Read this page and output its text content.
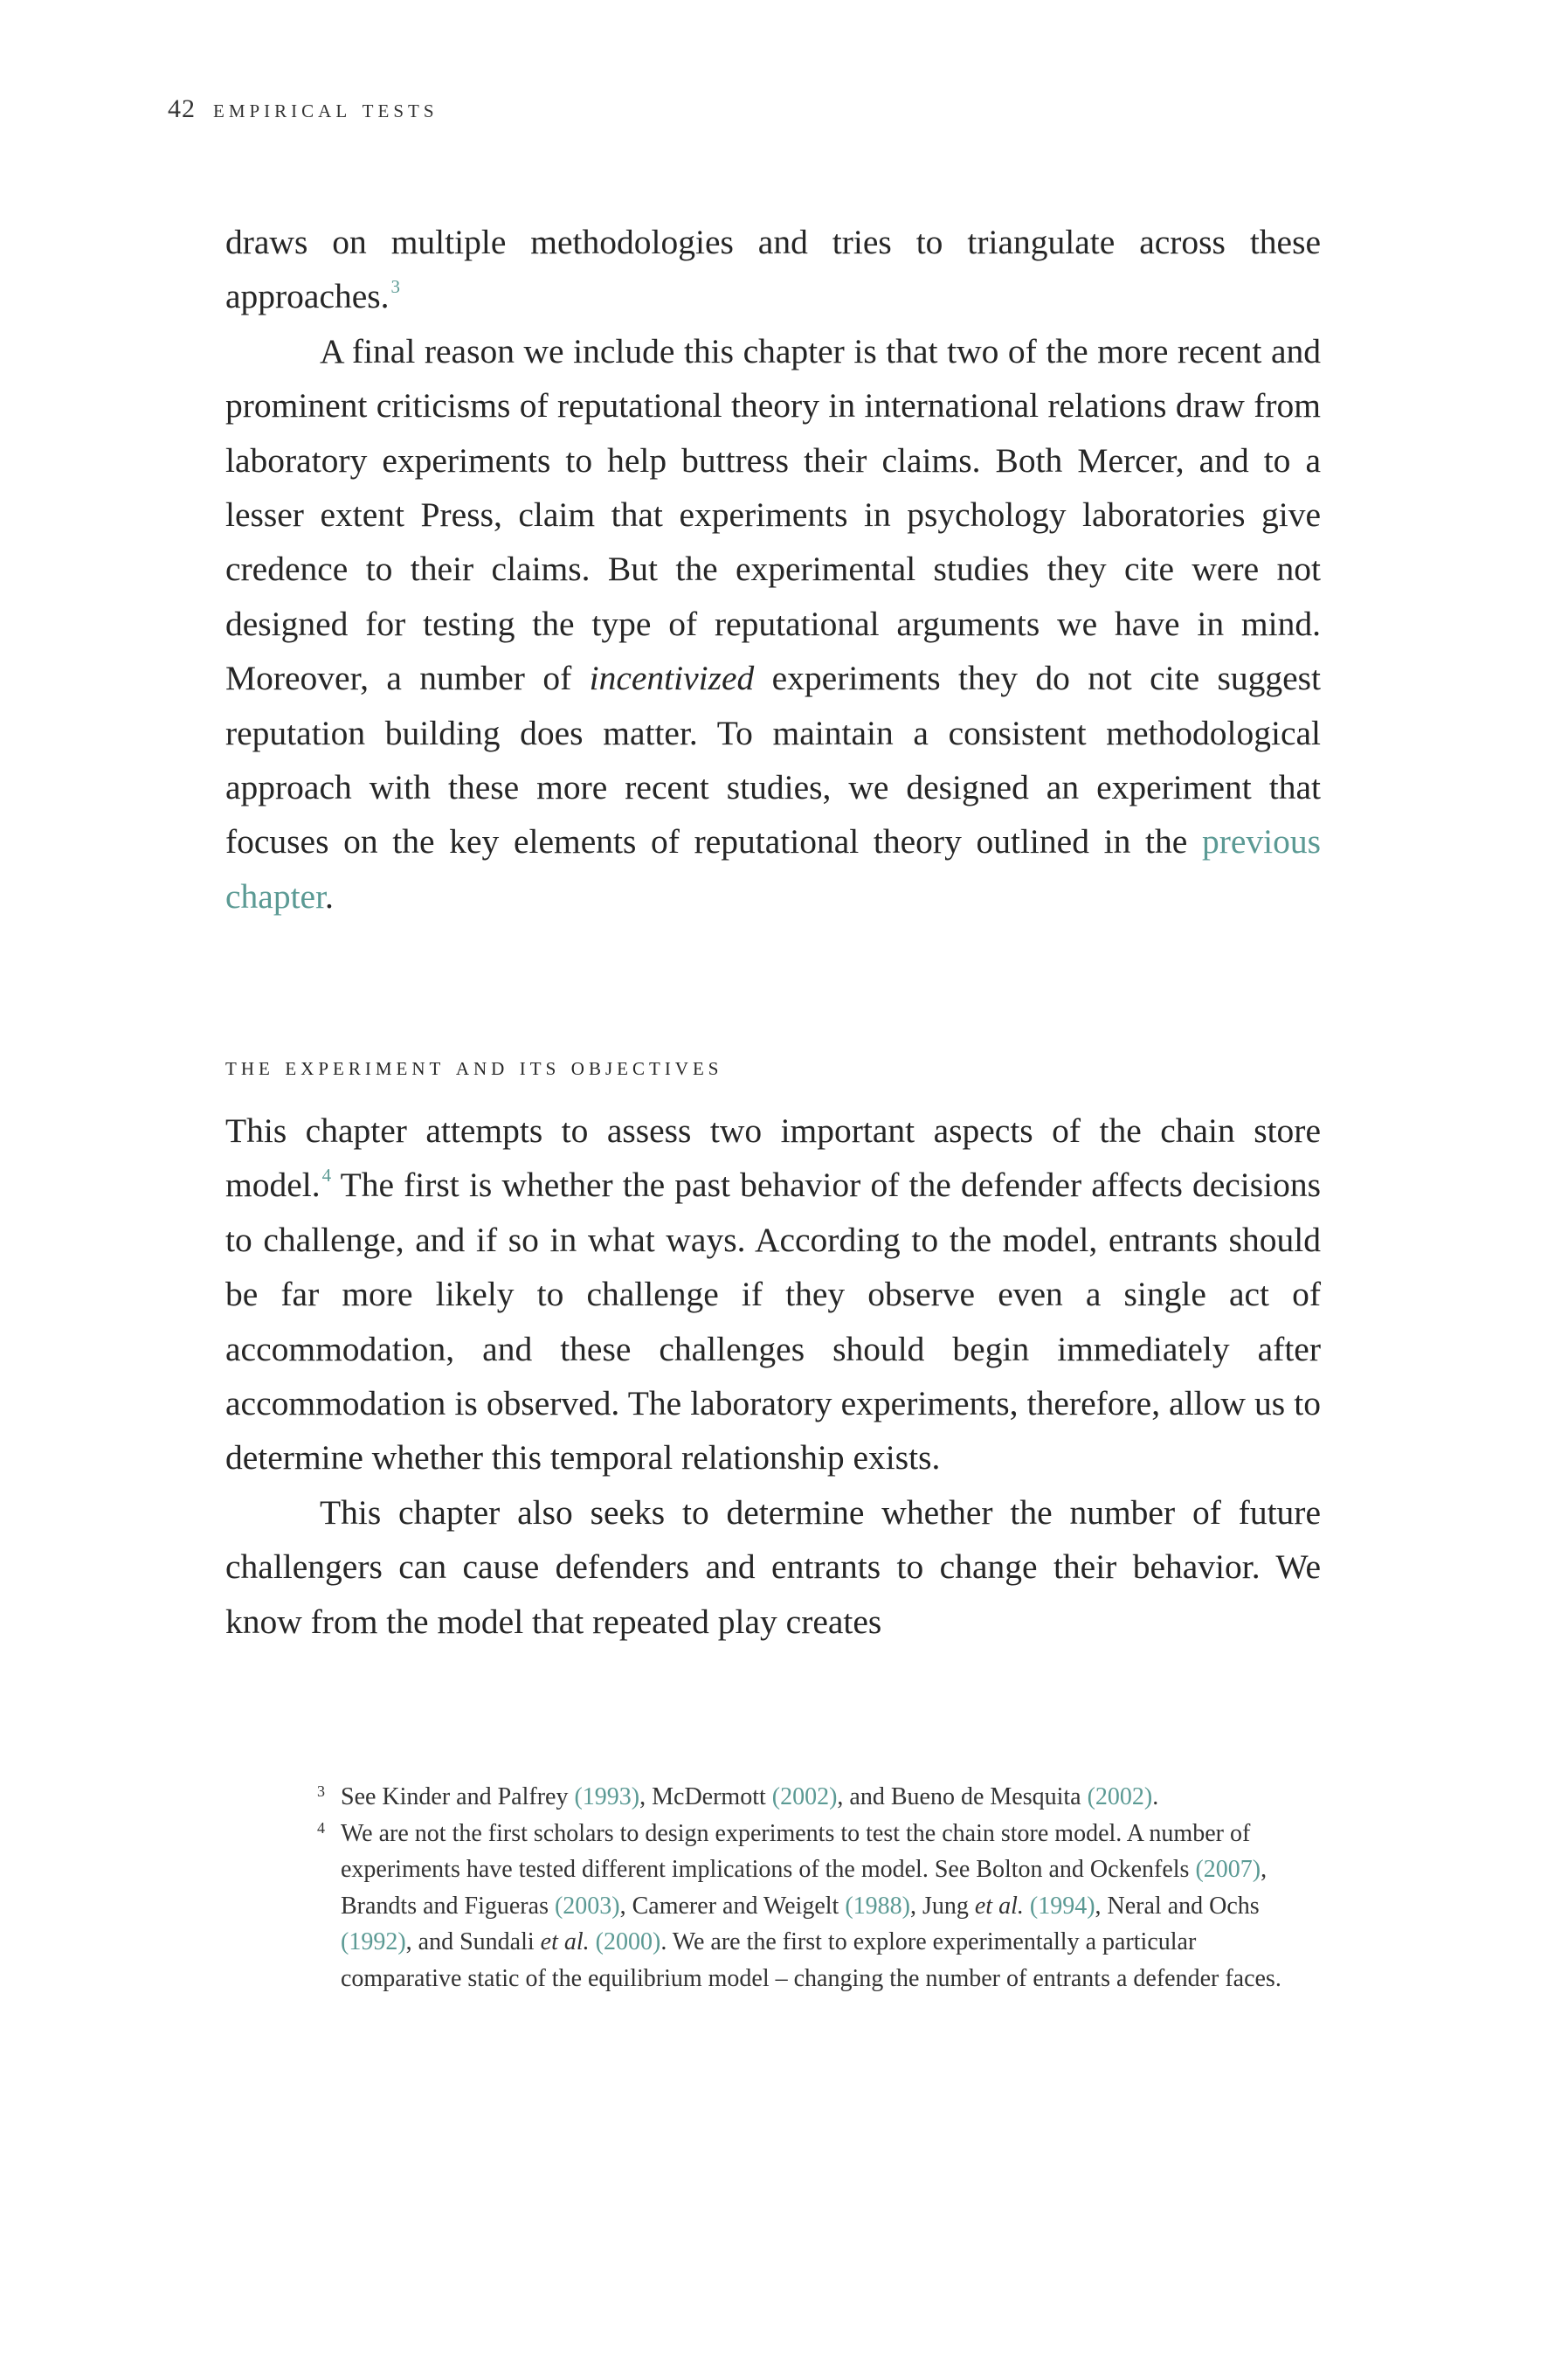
42 empirical tests

draws on multiple methodologies and tries to triangulate across these approaches.$^3$

A final reason we include this chapter is that two of the more recent and prominent criticisms of reputational theory in international relations draw from laboratory experiments to help buttress their claims. Both Mercer, and to a lesser extent Press, claim that experiments in psychology laboratories give credence to their claims. But the experimental studies they cite were not designed for testing the type of reputational arguments we have in mind. Moreover, a number of incentivized experiments they do not cite suggest reputation building does matter. To maintain a consistent methodological approach with these more recent studies, we designed an experiment that focuses on the key elements of reputational theory outlined in the previous chapter.

the experiment and its objectives

This chapter attempts to assess two important aspects of the chain store model.$^4$ The first is whether the past behavior of the defender affects decisions to challenge, and if so in what ways. According to the model, entrants should be far more likely to challenge if they observe even a single act of accommodation, and these challenges should begin immediately after accommodation is observed. The laboratory experiments, therefore, allow us to determine whether this temporal relationship exists.

This chapter also seeks to determine whether the number of future challengers can cause defenders and entrants to change their behavior. We know from the model that repeated play creates

3 See Kinder and Palfrey (1993), McDermott (2002), and Bueno de Mesquita (2002).

4 We are not the first scholars to design experiments to test the chain store model. A number of experiments have tested different implications of the model. See Bolton and Ockenfels (2007), Brandts and Figueras (2003), Camerer and Weigelt (1988), Jung et al. (1994), Neral and Ochs (1992), and Sundali et al. (2000). We are the first to explore experimentally a particular comparative static of the equilibrium model – changing the number of entrants a defender faces.
